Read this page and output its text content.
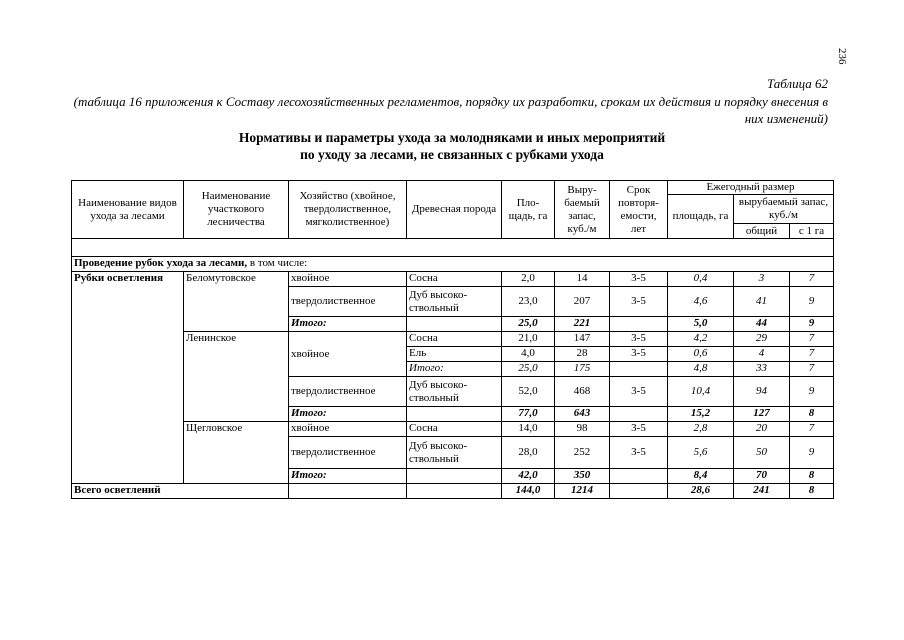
236
Таблица 62
(таблица 16 приложения к Составу лесохозяйственных регламентов, порядку их разработки, срокам их действия и порядку внесения в них изменений)
Нормативы и параметры ухода за молодняками и иных мероприятий
по уходу за лесами, не связанных с рубками ухода
Наименование видов ухода за лесами	Наименование участкового лесничества	Хозяйство (хвойное, твердолиственное, мягколиственное)	Древесная порода	Пло-щадь, га	Выру-баемый запас, куб./м	Срок повторя-емости, лет	Ежегодный размер		
							площадь, га	вырубаемый запас, куб./м	
								общий	с 1 га

Проведение рубок ухода за лесами, в том числе:									
Рубки осветления	Беломутовское	хвойное	Сосна	2,0	14	3-5	0,4	3	7
		твердолиственное	Дуб высоко-ствольный	23,0	207	3-5	4,6	41	9
		Итого:		25,0	221		5,0	44	9
	Ленинское	хвойное	Сосна	21,0	147	3-5	4,2	29	7
			Ель	4,0	28	3-5	0,6	4	7
			Итого:	25,0	175		4,8	33	7
		твердолиственное	Дуб высоко-ствольный	52,0	468	3-5	10,4	94	9
		Итого:		77,0	643		15,2	127	8
	Щегловское	хвойное	Сосна	14,0	98	3-5	2,8	20	7
		твердолиственное	Дуб высоко-ствольный	28,0	252	3-5	5,6	50	9
		Итого:		42,0	350		8,4	70	8
Всего осветлений				144,0	1214		28,6	241	8
